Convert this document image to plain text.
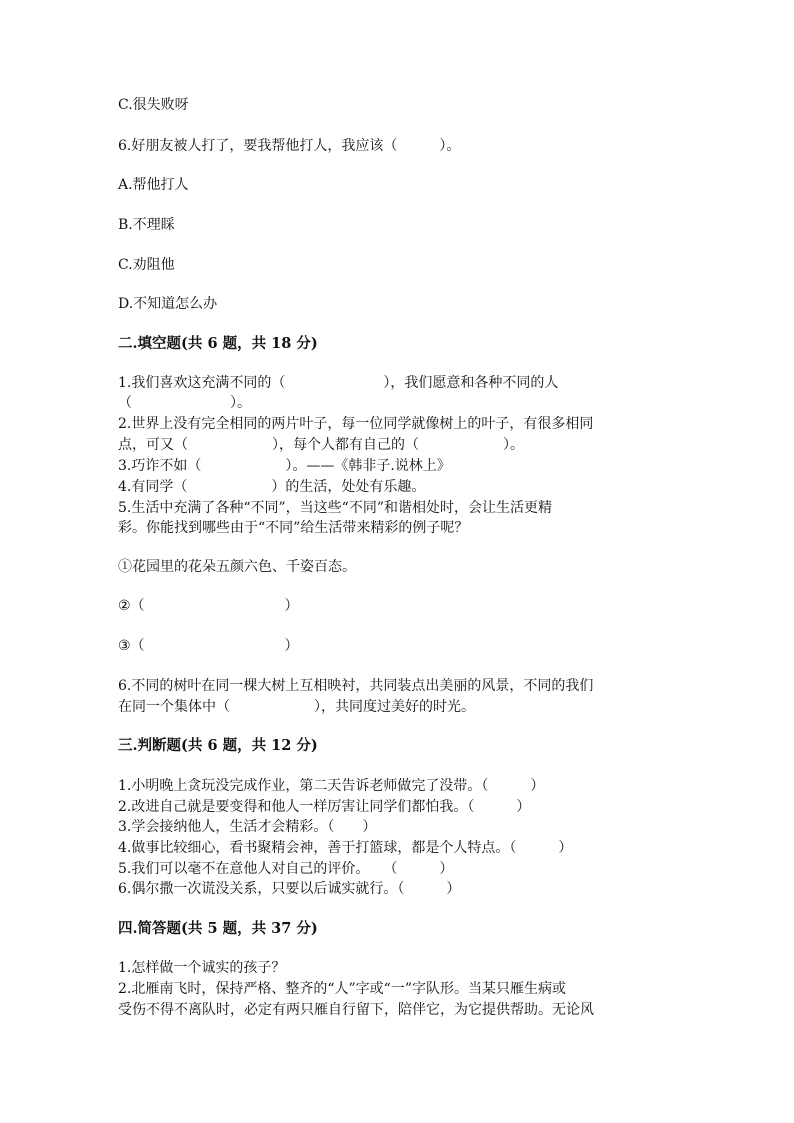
C.很失败呀
6.好朋友被人打了，要我帮他打人，我应该（　　　）。
A.帮他打人
B.不理睬
C.劝阻他
D.不知道怎么办
二.填空题(共 6 题，共 18 分)
1.我们喜欢这充满不同的（　　　　　　　），我们愿意和各种不同的人
（　　　　　　　）。
2.世界上没有完全相同的两片叶子，每一位同学就像树上的叶子，有很多相同
点，可又（　　　　　　），每个人都有自己的（　　　　　　）。
3.巧诈不如（　　　　　　）。——《韩非子.说林上》
4.有同学（　　　　　　）的生活，处处有乐趣。
5.生活中充满了各种“不同”，当这些“不同”和谐相处时，会让生活更精
彩。你能找到哪些由于“不同”给生活带来精彩的例子呢？
①花园里的花朵五颜六色、千姿百态。
②（　　　　　　　　　　）
③（　　　　　　　　　　）
6.不同的树叶在同一棵大树上互相映衬，共同装点出美丽的风景，不同的我们
在同一个集体中（　　　　　　），共同度过美好的时光。
三.判断题(共 6 题，共 12 分)
1.小明晚上贪玩没完成作业，第二天告诉老师做完了没带。（　　　）
2.改进自己就是要变得和他人一样厉害让同学们都怕我。（　　　）
3.学会接纳他人，生活才会精彩。（　　）
4.做事比较细心，看书聚精会神，善于打篮球，都是个人特点。（　　　）
5.我们可以毫不在意他人对自己的评价。　　（　　　）
6.偶尔撒一次谎没关系，只要以后诚实就行。（　　　）
四.简答题(共 5 题，共 37 分)
1.怎样做一个诚实的孩子？
2.北雁南飞时，保持严格、整齐的“人”字或“一”字队形。当某只雁生病或
受伤不得不离队时，必定有两只雁自行留下，陪伴它，为它提供帮助。无论风
